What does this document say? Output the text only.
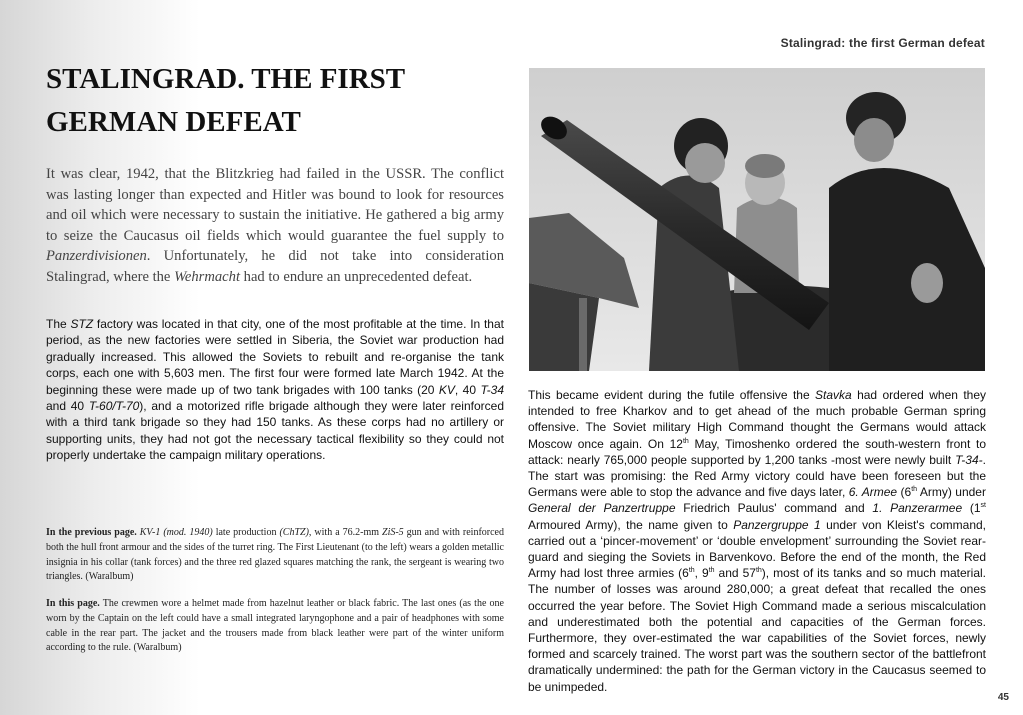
Stalingrad: the first German defeat
STALINGRAD. THE FIRST
GERMAN DEFEAT

It was clear, 1942, that the Blitzkrieg had failed in the USSR. The conflict was lasting longer than expected and Hitler was bound to look for resources and oil which were necessary to sustain the initiative. He gathered a big army to seize the Caucasus oil fields which would guarantee the fuel supply to Panzerdivisionen. Unfortunately, he did not take into consideration Stalingrad, where the Wehrmacht had to endure an unprecedented defeat.

The STZ factory was located in that city, one of the most profitable at the time. In that period, as the new factories were settled in Siberia, the Soviet war production had gradually increased. This allowed the Soviets to rebuilt and re-organise the tank corps, each one with 5,603 men. The first four were formed late March 1942. At the beginning these were made up of two tank brigades with 100 tanks (20 KV, 40 T-34 and 40 T-60/T-70), and a motorized rifle brigade although they were later reinforced with a third tank brigade so they had 150 tanks. As these corps had no artillery or supporting units, they had not got the necessary tactical flexibility so they could not properly undertake the campaign military operations.

In the previous page. KV-1 (mod. 1940) late production (ChTZ), with a 76.2-mm ZiS-5 gun and with reinforced both the hull front armour and the sides of the turret ring. The First Lieutenant (to the left) wears a golden metallic insignia in his collar (tank forces) and the three red glazed squares matching the rank, the sergeant is wearing two triangles. (Waralbum)

In this page. The crewmen wore a helmet made from hazelnut leather or black fabric. The last ones (as the one worn by the Captain on the left could have a small integrated laryngophone and a pair of headphones with some cable in the rear part. The jacket and the trousers made from black leather were part of the winter uniform according to the rule. (Waralbum)

This became evident during the futile offensive the Stavka had ordered when they intended to free Kharkov and to get ahead of the much probable German spring offensive. The Soviet military High Command thought the Germans would attack Moscow once again. On 12th May, Timoshenko ordered the south-western front to attack: nearly 765,000 people supported by 1,200 tanks -most were newly built T-34-. The start was promising: the Red Army victory could have been foreseen but the Germans were able to stop the advance and five days later, 6. Armee (6th Army) under General der Panzertruppe Friedrich Paulus' command and 1. Panzerarmee (1st Armoured Army), the name given to Panzergruppe 1 under von Kleist's command, carried out a ‘pincer-movement’ or ‘double envelopment’ surrounding the Soviet rear-guard and sieging the Soviets in Barvenkovo. Before the end of the month, the Red Army had lost three armies (6th, 9th and 57th), most of its tanks and so much material. The number of losses was around 280,000; a great defeat that recalled the ones occurred the year before. The Soviet High Command made a serious miscalculation and underestimated both the potential and capacities of the German forces. Furthermore, they over-estimated the war capabilities of the Soviet forces, newly formed and scarcely trained. The worst part was the southern sector of the battlefront dramatically undermined: the path for the German victory in the Caucasus seemed to be unimpeded.

45
